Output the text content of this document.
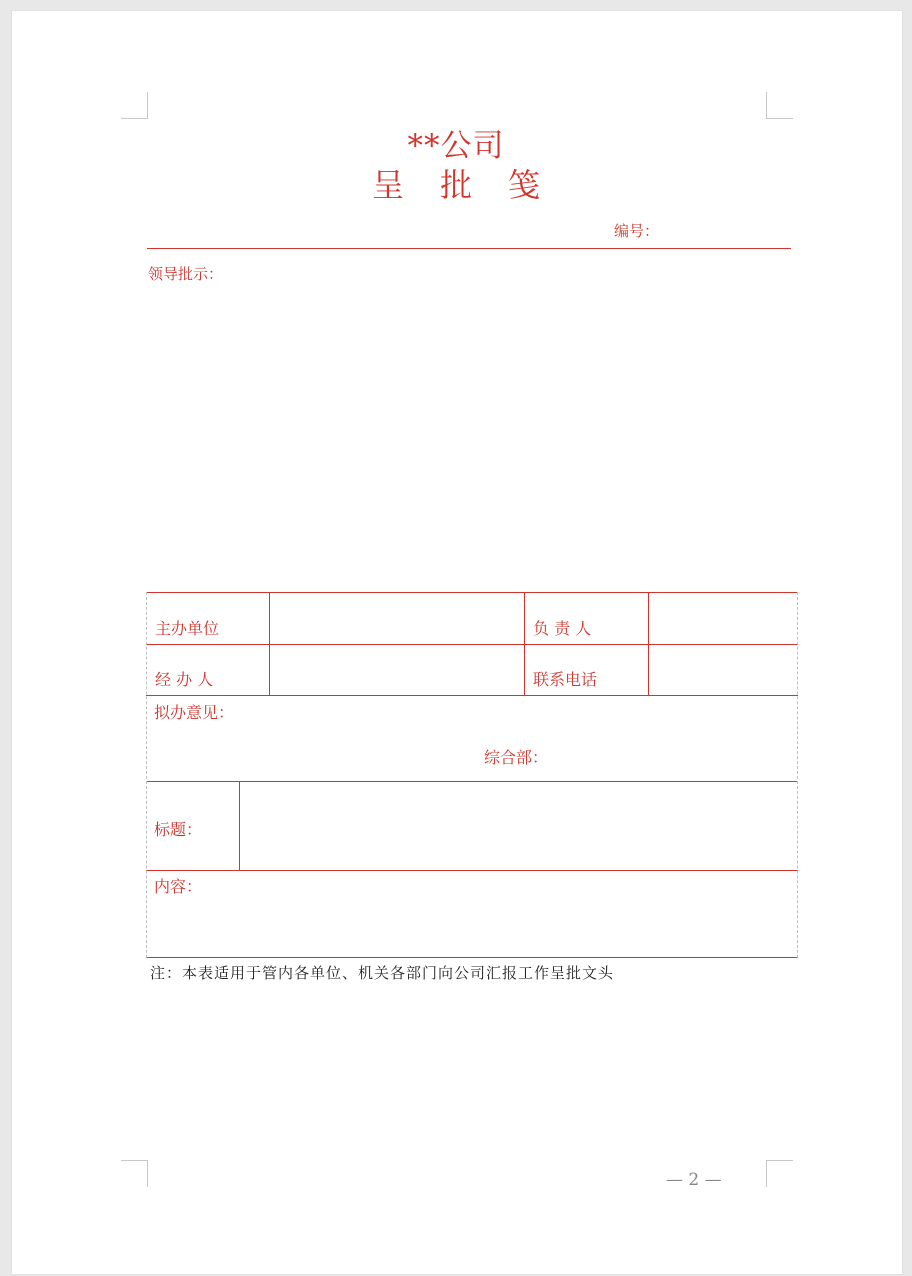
**公司
呈 批 笺
编号：
领导批示：
主办单位	负 责 人
经 办 人	联系电话
拟办意见：
综合部：
标题：
内容：
注：本表适用于管内各单位、机关各部门向公司汇报工作呈批文头
— 2 —
